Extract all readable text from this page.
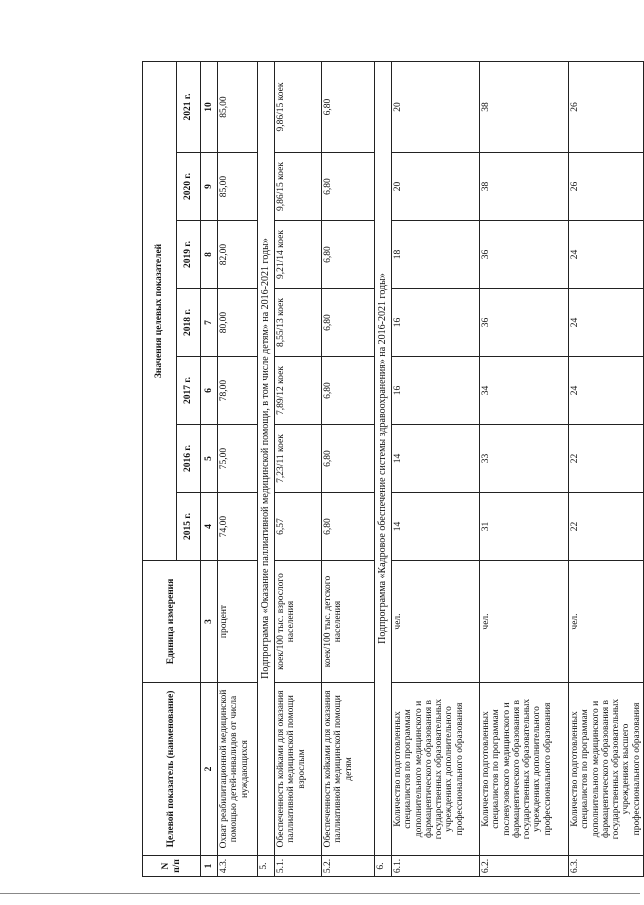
N п/п	Целевой показатель (наименование)	Единица измерения	Значения целевых показателей						
			2015 г.	2016 г.	2017 г.	2018 г.	2019 г.	2020 г.	2021 г.
1	2	3	4	5	6	7	8	9	10
4.3.	Охват реабилитационной медицинской помощью детей-инвалидов от числа нуждающихся	процент	74,00	75,00	78,00	80,00	82,00	85,00	85,00
5.	Подпрограмма «Оказание паллиативной медицинской помощи, в том числе детям» на 2016-2021 годы»								
5.1.	Обеспеченность койками для оказания паллиативной медицинской помощи взрослым	коек/100 тыс. взрослого населения	6,57	7,23/11 коек	7,89/12 коек	8,55/13 коек	9,21/14 коек	9,86/15 коек	9,86/15 коек
5.2.	Обеспеченность койками для оказания паллиативной медицинской помощи детям	коек/100 тыс. детского населения	6,80	6,80	6,80	6,80	6,80	6,80	6,80
6.	Подпрограмма «Кадровое обеспечение системы здравоохранения» на 2016-2021 годы»								
6.1.	Количество подготовленных специалистов по программам дополнительного медицинского и фармацевтического образования в государственных образовательных учреждениях дополнительного профессионального образования	чел.	14	14	16	16	18	20	20
6.2.	Количество подготовленных специалистов по программам послевузовского медицинского и фармацевтического образования в государственных образовательных учреждениях дополнительного профессионального образования	чел.	31	33	34	36	36	38	38
6.3.	Количество подготовленных специалистов по программам дополнительного медицинского и фармацевтического образования в государственных образовательных учреждениях высшего профессионального образования	чел.	22	22	24	24	24	26	26
